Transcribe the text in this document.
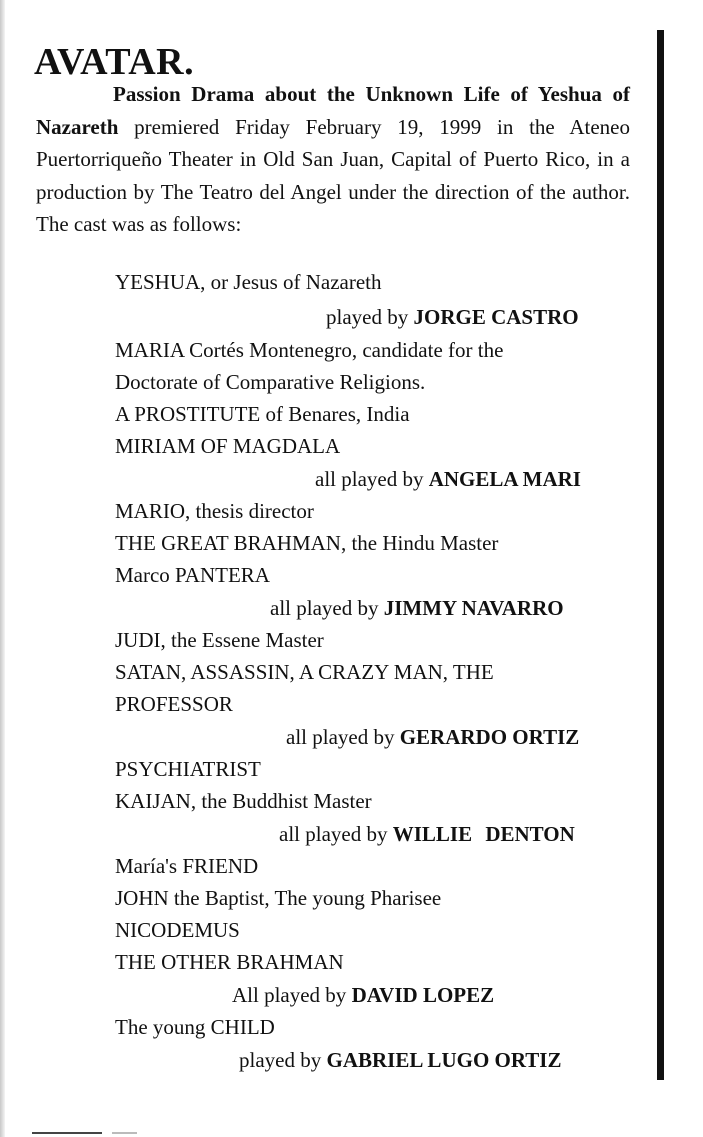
AVATAR.

Passion Drama about the Unknown Life of Yeshua of Nazareth premiered Friday February 19, 1999 in the Ateneo Puertorriqueño Theater in Old San Juan, Capital of Puerto Rico, in a production by The Teatro del Angel under the direction of the author. The cast was as follows:

YESHUA, or Jesus of Nazareth

played by JORGE CASTRO

MARIA Cortés Montenegro, candidate for the

Doctorate of Comparative Religions.

A PROSTITUTE of Benares, India

MIRIAM OF MAGDALA

all played by ANGELA MARI

MARIO, thesis director

THE GREAT BRAHMAN, the Hindu Master

Marco PANTERA

all played by JIMMY NAVARRO

JUDI, the Essene Master

SATAN, ASSASSIN, A CRAZY MAN, THE

PROFESSOR

all played by GERARDO ORTIZ

PSYCHIATRIST

KAIJAN, the Buddhist Master

all played by WILLIE DENTON

María's FRIEND

JOHN the Baptist, The young Pharisee

NICODEMUS

THE OTHER BRAHMAN

All played by DAVID LOPEZ

The young CHILD

played by GABRIEL LUGO ORTIZ
